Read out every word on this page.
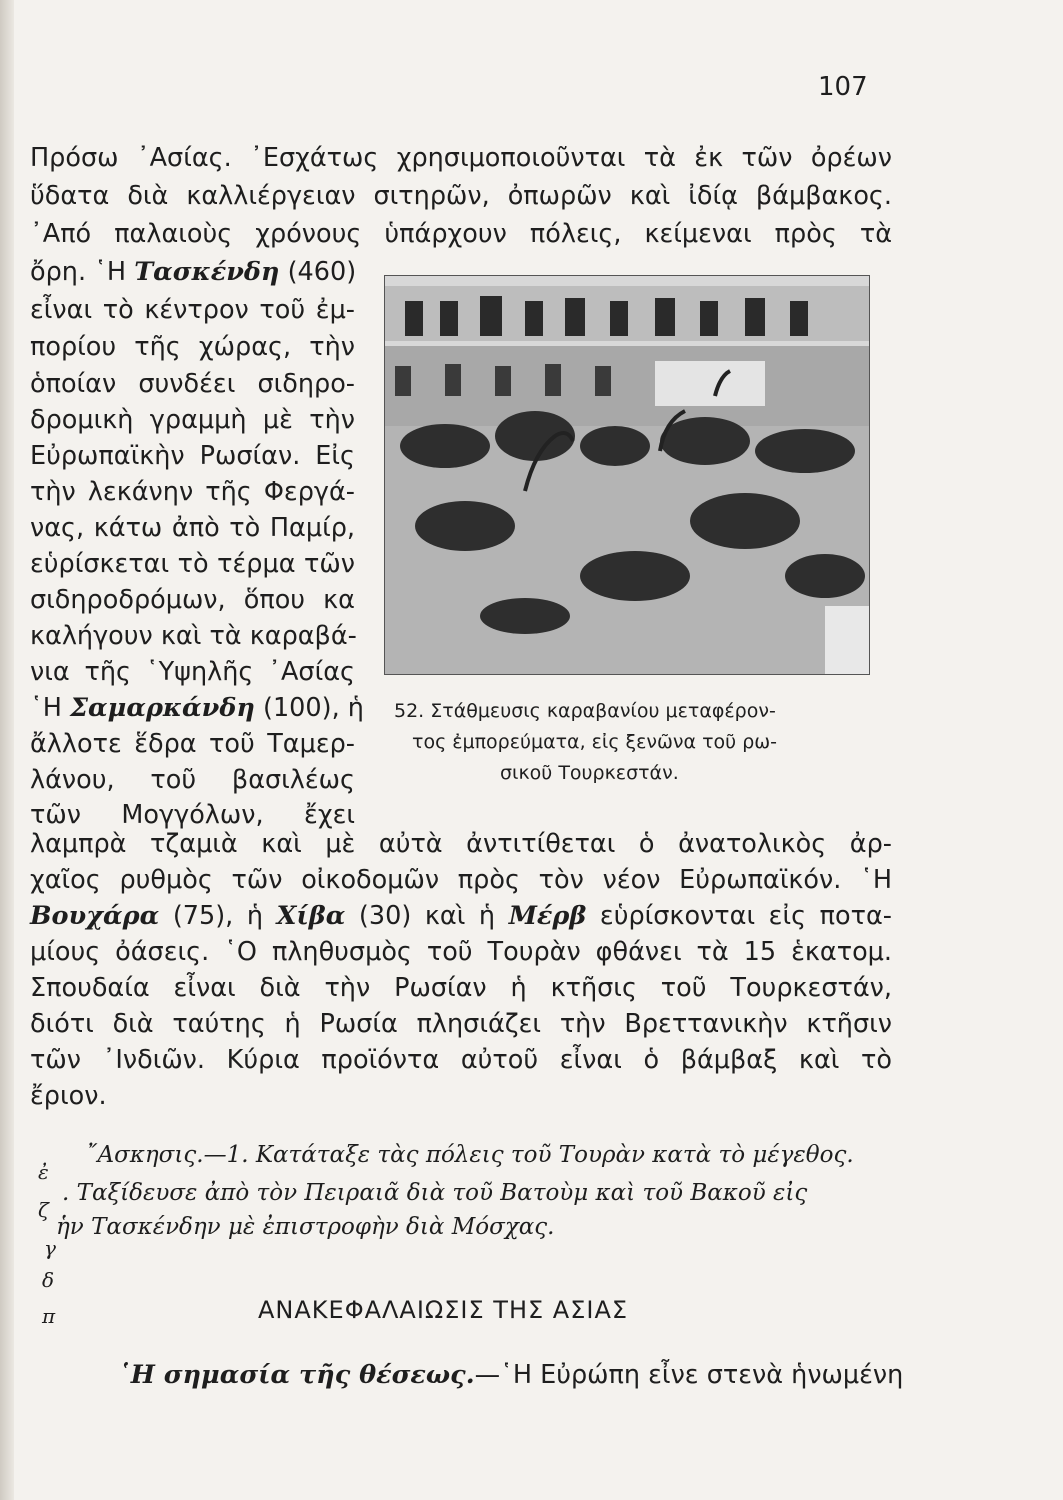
107
Πρόσω ᾿Ασίας. ᾿Εσχάτως χρησιμοποιοῦνται τὰ ἐκ τῶν ὀρέων
ὕδατα διὰ καλλιέργειαν σιτηρῶν, ὀπωρῶν καὶ ἰδίᾳ βάμβακος.
᾿Από παλαιοὺς χρόνους ὑπάρχουν πόλεις, κείμεναι πρὸς τὰ
ὄρη. ῾Η Τασκένδη (460)
εἶναι τὸ κέντρον τοῦ ἐμ-
πορίου τῆς χώρας, τὴν
ὁποίαν συνδέει σιδηρο-
δρομικὴ γραμμὴ μὲ τὴν
Εὐρωπαϊκὴν Ρωσίαν. Εἰς
τὴν λεκάνην τῆς Φεργά-
νας, κάτω ἀπὸ τὸ Παμίρ,
εὑρίσκεται τὸ τέρμα τῶν
σιδηροδρόμων, ὅπου κα
καλήγουν καὶ τὰ καραβά-
νια τῆς ῾Υψηλῆς ᾿Ασίας
῾Η Σαμαρκάνδη (100), ἡ
ἄλλοτε ἕδρα τοῦ Ταμερ-
λάνου, τοῦ βασιλέως
τῶν Μογγόλων, ἔχει
52. Στάθμευσις καραβανίου μεταφέρον-
τος ἐμπορεύματα, εἰς ξενῶνα τοῦ ρω-
σικοῦ Τουρκεστάν.
λαμπρὰ τζαμιὰ καὶ μὲ αὐτὰ ἀντιτίθεται ὁ ἀνατολικὸς ἀρ-
χαῖος ρυθμὸς τῶν οἰκοδομῶν πρὸς τὸν νέον Εὐρωπαϊκόν. ῾Η
Βουχάρα (75), ἡ Χίβα (30) καὶ ἡ Μέρβ εὑρίσκονται εἰς ποτα-
μίους ὀάσεις. ῾Ο πληθυσμὸς τοῦ Τουρὰν φθάνει τὰ 15 ἑκατομ.
Σπουδαία εἶναι διὰ τὴν Ρωσίαν ἡ κτῆσις τοῦ Τουρκεστάν,
διότι διὰ ταύτης ἡ Ρωσία πλησιάζει τὴν Βρεττανικὴν κτῆσιν
τῶν ᾿Ινδιῶν. Κύρια προϊόντα αὐτοῦ εἶναι ὁ βάμβαξ καὶ τὸ
ἔριον.
῎Ασκησις.—1. Κατάταξε τὰς πόλεις τοῦ Τουρὰν κατὰ τὸ μέγεθος.
. Ταξίδευσε ἀπὸ τὸν Πειραιᾶ διὰ τοῦ Βατοὺμ καὶ τοῦ Βακοῦ εἰς
ἡν Τασκένδην μὲ ἐπιστροφὴν διὰ Μόσχας.
ἐ
ζ
γ
δ
π	ΑΝΑΚΕΦΑΛΑΙΩΣΙΣ ΤΗΣ ΑΣΙΑΣ
῾Η σημασία τῆς θέσεως.—῾Η Εὐρώπη εἶνε στενὰ ἡνωμένη
